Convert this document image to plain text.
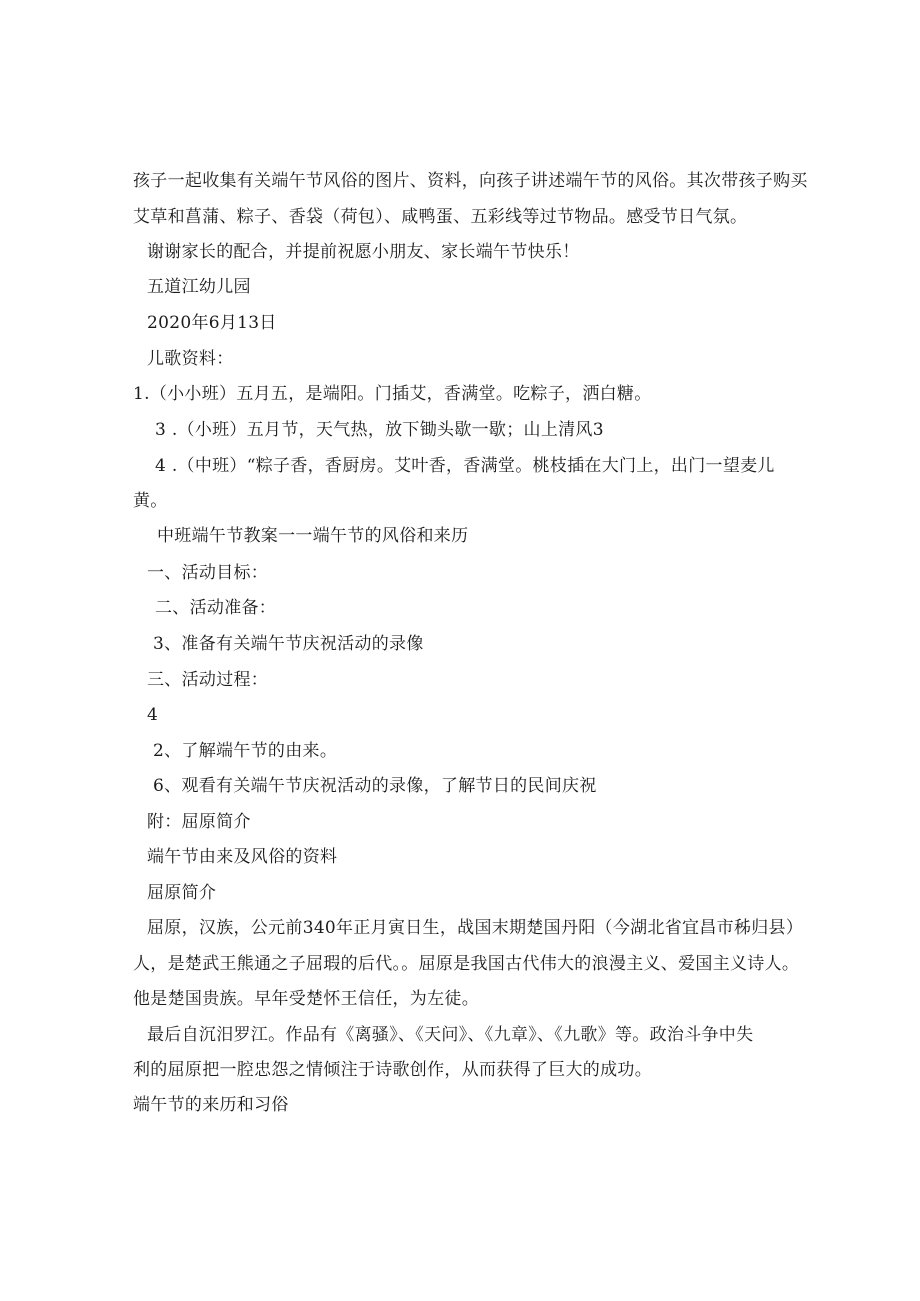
孩子一起收集有关端午节风俗的图片、资料，向孩子讲述端午节的风俗。其次带孩子购买

艾草和菖蒲、粽子、香袋（荷包）、咸鸭蛋、五彩线等过节物品。感受节日气氛。

谢谢家长的配合，并提前祝愿小朋友、家长端午节快乐！

五道江幼儿园

2020年6月13日

儿歌资料：

1.（小小班）五月五，是端阳。门插艾，香满堂。吃粽子，洒白糖。

3 .（小班）五月节，天气热，放下锄头歇一歇；山上清风3

4 .（中班）“粽子香，香厨房。艾叶香，香满堂。桃枝插在大门上，出门一望麦儿

黄。

中班端午节教案一一端午节的风俗和来历

一、活动目标：

二、活动准备：

3、准备有关端午节庆祝活动的录像

三、活动过程：

4

2、了解端午节的由来。

6、观看有关端午节庆祝活动的录像，了解节日的民间庆祝

附：屈原简介

端午节由来及风俗的资料

屈原简介

屈原，汉族，公元前340年正月寅日生，战国末期楚国丹阳（今湖北省宜昌市秭归县）

人，是楚武王熊通之子屈瑕的后代。。屈原是我国古代伟大的浪漫主义、爱国主义诗人。

他是楚国贵族。早年受楚怀王信任，为左徒。

最后自沉汨罗江。作品有《离骚》、《天问》、《九章》、《九歌》等。政治斗争中失

利的屈原把一腔忠怨之情倾注于诗歌创作，从而获得了巨大的成功。

端午节的来历和习俗
